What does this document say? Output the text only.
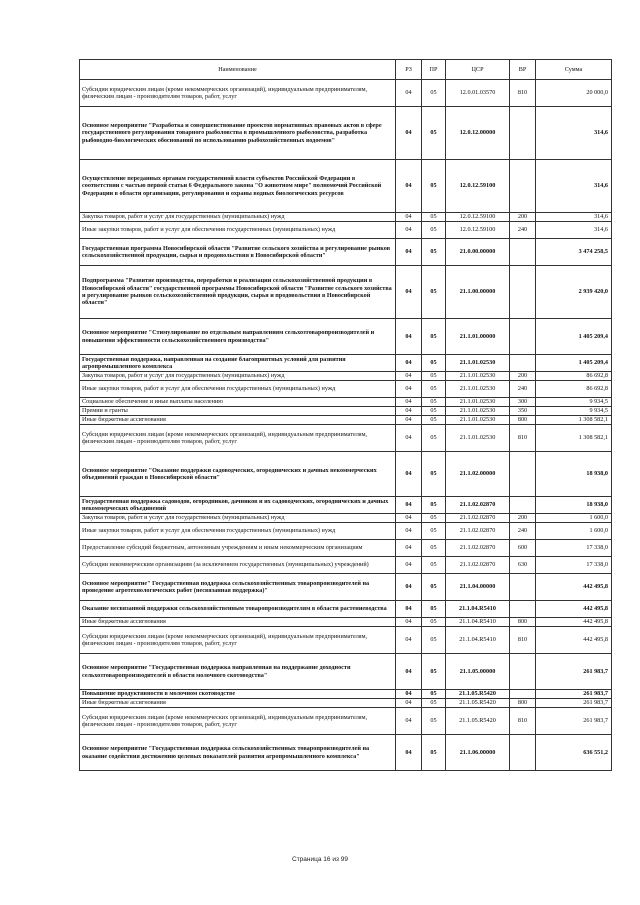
Наименование	РЗ	ПР	ЦСР	ВР	Сумма
Субсидии юридическим лицам (кроме некоммерческих организаций), индивидуальным предпринимателям, физическим лицам - производителям товаров, работ, услуг	04	05	12.0.01.03570	810	20 000,0
Основное мероприятие "Разработка и совершенствование проектов нормативных правовых актов в сфере государственного регулирования товарного рыболовства в промышленного рыболовства, разработка рыбоводно-биологических обоснований по использованию рыбохозяйственных водоемов"	04	05	12.0.12.00000		314,6
Осуществление переданных органам государственной власти субъектов Российской Федерации в соответствии с частью первой статьи 6 Федерального закона "О животном мире" полномочий Российской Федерации в области организации, регулирования и охраны водных биологических ресурсов	04	05	12.0.12.59100		314,6
Закупка товаров, работ и услуг для государственных (муниципальных) нужд	04	05	12.0.12.59100	200	314,6
Иные закупки товаров, работ и услуг для обеспечения государственных (муниципальных) нужд	04	05	12.0.12.59100	240	314,6
Государственная программа Новосибирской области "Развитие сельского хозяйства и регулирование рынков сельскохозяйственной продукции, сырья и продовольствия в Новосибирской области"	04	05	21.0.00.00000		3 474 258,5
Подпрограмма "Развитие производства, переработки и реализации сельскохозяйственной продукции в Новосибирской области" государственной программы Новосибирской области "Развитие сельского хозяйства и регулирование рынков сельскохозяйственной продукции, сырья и продовольствия в Новосибирской области"	04	05	21.1.00.00000		2 939 420,0
Основное мероприятие "Стимулирование по отдельным направлениям сельхозтоваропроизводителей и повышения эффективности сельскохозяйственного производства"	04	05	21.1.01.00000		1 405 209,4
Государственная поддержка, направленная на создание благоприятных условий для развития агропромышленного комплекса	04	05	21.1.01.02530		1 405 209,4
Закупка товаров, работ и услуг для государственных (муниципальных) нужд	04	05	21.1.01.02530	200	86 692,8
Иные закупки товаров, работ и услуг для обеспечения государственных (муниципальных) нужд	04	05	21.1.01.02530	240	86 692,8
Социальное обеспечение и иные выплаты населению	04	05	21.1.01.02530	300	9 934,5
Премии и гранты	04	05	21.1.01.02530	350	9 934,5
Иные бюджетные ассигнования	04	05	21.1.01.02530	800	1 308 582,1
Субсидии юридическим лицам (кроме некоммерческих организаций), индивидуальным предпринимателям, физическим лицам - производителям товаров, работ, услуг	04	05	21.1.01.02530	810	1 308 582,1
Основное мероприятие "Оказание поддержки садоводческих, огороднических и дачных некоммерческих объединений граждан в Новосибирской области"	04	05	21.1.02.00000		18 938,0
Государственная поддержка садоводов, огородников, дачников и их садоводческих, огороднических и дачных некоммерческих объединений	04	05	21.1.02.02870		18 938,0
Закупка товаров, работ и услуг для государственных (муниципальных) нужд	04	05	21.1.02.02870	200	1 600,0
Иные закупки товаров, работ и услуг для обеспечения государственных (муниципальных) нужд	04	05	21.1.02.02870	240	1 600,0
Предоставление субсидий бюджетным, автономным учреждениям и иным некоммерческим организациям	04	05	21.1.02.02870	600	17 338,0
Субсидии некоммерческим организациям (за исключением государственных (муниципальных) учреждений)	04	05	21.1.02.02870	630	17 338,0
Основное мероприятие" Государственная поддержка сельскохозяйственных товаропроизводителей на проведение агротехнологических работ (несвязанная поддержка)"	04	05	21.1.04.00000		442 495,8
Оказание несвязанной поддержки сельскохозяйственным товаропроизводителям в области растениеводства	04	05	21.1.04.R5410		442 495,8
Иные бюджетные ассигнования	04	05	21.1.04.R5410	800	442 495,8
Субсидии юридическим лицам (кроме некоммерческих организаций), индивидуальным предпринимателям, физическим лицам - производителям товаров, работ, услуг	04	05	21.1.04.R5410	810	442 495,8
Основное мероприятие "Государственная поддержка направленная на поддержание доходности сельхозтоваропроизводителей в области молочного скотоводства"	04	05	21.1.05.00000		261 983,7
Повышение продуктивности в молочном скотоводстве	04	05	21.1.05.R5420		261 983,7
Иные бюджетные ассигнования	04	05	21.1.05.R5420	800	261 983,7
Субсидии юридическим лицам (кроме некоммерческих организаций), индивидуальным предпринимателям, физическим лицам - производителям товаров, работ, услуг	04	05	21.1.05.R5420	810	261 983,7
Основное мероприятие "Государственная поддержка сельскохозяйственных товаропроизводителей на оказание содействия достижению целевых показателей развития агропромышленного комплекса"	04	05	21.1.06.00000		636 551,2
Страница 16 из 99
